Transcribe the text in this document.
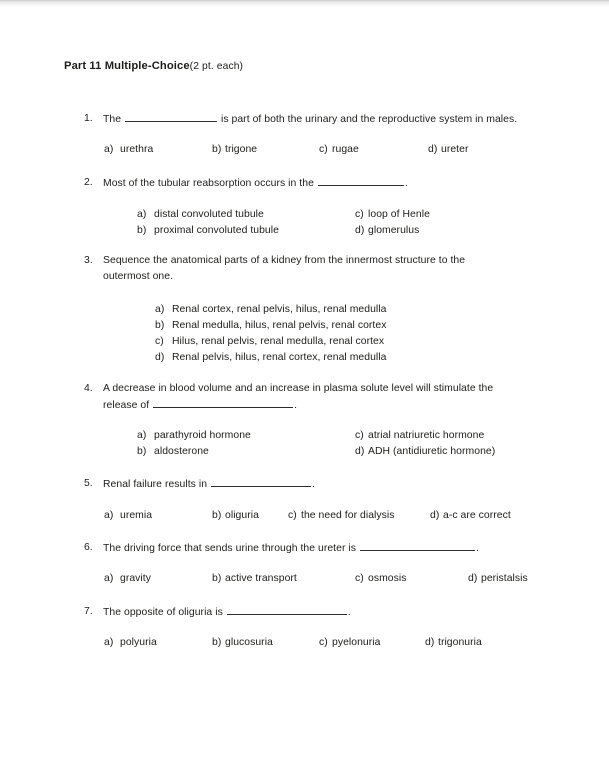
Part 11 Multiple-Choice(2 pt. each)
1. The	is part of both the urinary and the reproductive system in males.
a) urethra	b) trigone	c) rugae	d) ureter
2. Most of the tubular reabsorption occurs in the	.
a) distal convoluted tubule
b) proximal convoluted tubule
c) loop of Henle
d) glomerulus
3. Sequence the anatomical parts of a kidney from the innermost structure to the
outermost one.
a) Renal cortex, renal pelvis, hilus, renal medulla
b) Renal medulla, hilus, renal pelvis, renal cortex
c) Hilus, renal pelvis, renal medulla, renal cortex
d) Renal pelvis, hilus, renal cortex, renal medulla
4. A decrease in blood volume and an increase in plasma solute level will stimulate the
release of	.
a) parathyroid hormone
b) aldosterone
c) atrial natriuretic hormone
d) ADH (antidiuretic hormone)
5. Renal failure results in	.
a) uremia	b) oliguria	c) the need for dialysis	d) a-c are correct
6. The driving force that sends urine through the ureter is	.
a) gravity	b) active transport	c) osmosis	d) peristalsis
7. The opposite of oliguria is	.
a) polyuria	b) glucosuria	c) pyelonuria	d) trigonuria
